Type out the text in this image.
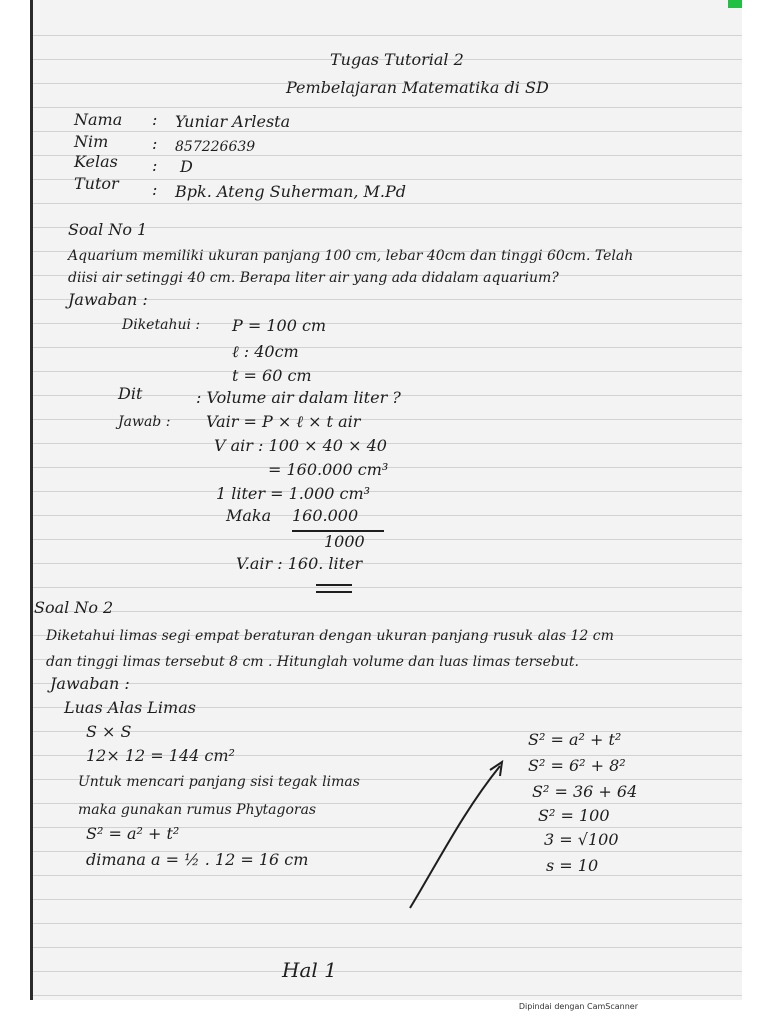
Tugas Tutorial 2
Pembelajaran Matematika di SD
Nama : Yuniar Arlesta
Nim	: 857226639
Kelas : D
Tutor : Bpk. Ateng Suherman, M.Pd
Soal No 1
Aquarium memiliki ukuran panjang 100 cm, lebar 40cm dan tinggi 60cm. Telah
diisi air setinggi 40 cm. Berapa liter air yang ada didalam aquarium?
Jawaban :
Diketahui : P = 100 cm
ℓ : 40cm
t = 60 cm
Dit	: Volume air dalam liter ?
Jawab : Vair = P × ℓ × t air
V air : 100 × 40 × 40
= 160.000 cm³
1 liter = 1.000 cm³
Maka 160.000
1000
V.air : 160. liter
Soal No 2
Diketahui limas segi empat beraturan dengan ukuran panjang rusuk alas 12 cm
dan tinggi limas tersebut 8 cm . Hitunglah volume dan luas limas tersebut.
Jawaban :
Luas Alas Limas
S × S
12× 12 = 144 cm²
Untuk mencari panjang sisi tegak limas
maka gunakan rumus Phytagoras
S² = a² + t²
dimana a = ½ . 12 = 16 cm
S² = a² + t²
S² = 6² + 8²
S² = 36 + 64
S² = 100
3 = √100
s = 10
Hal 1
Dipindai dengan CamScanner
